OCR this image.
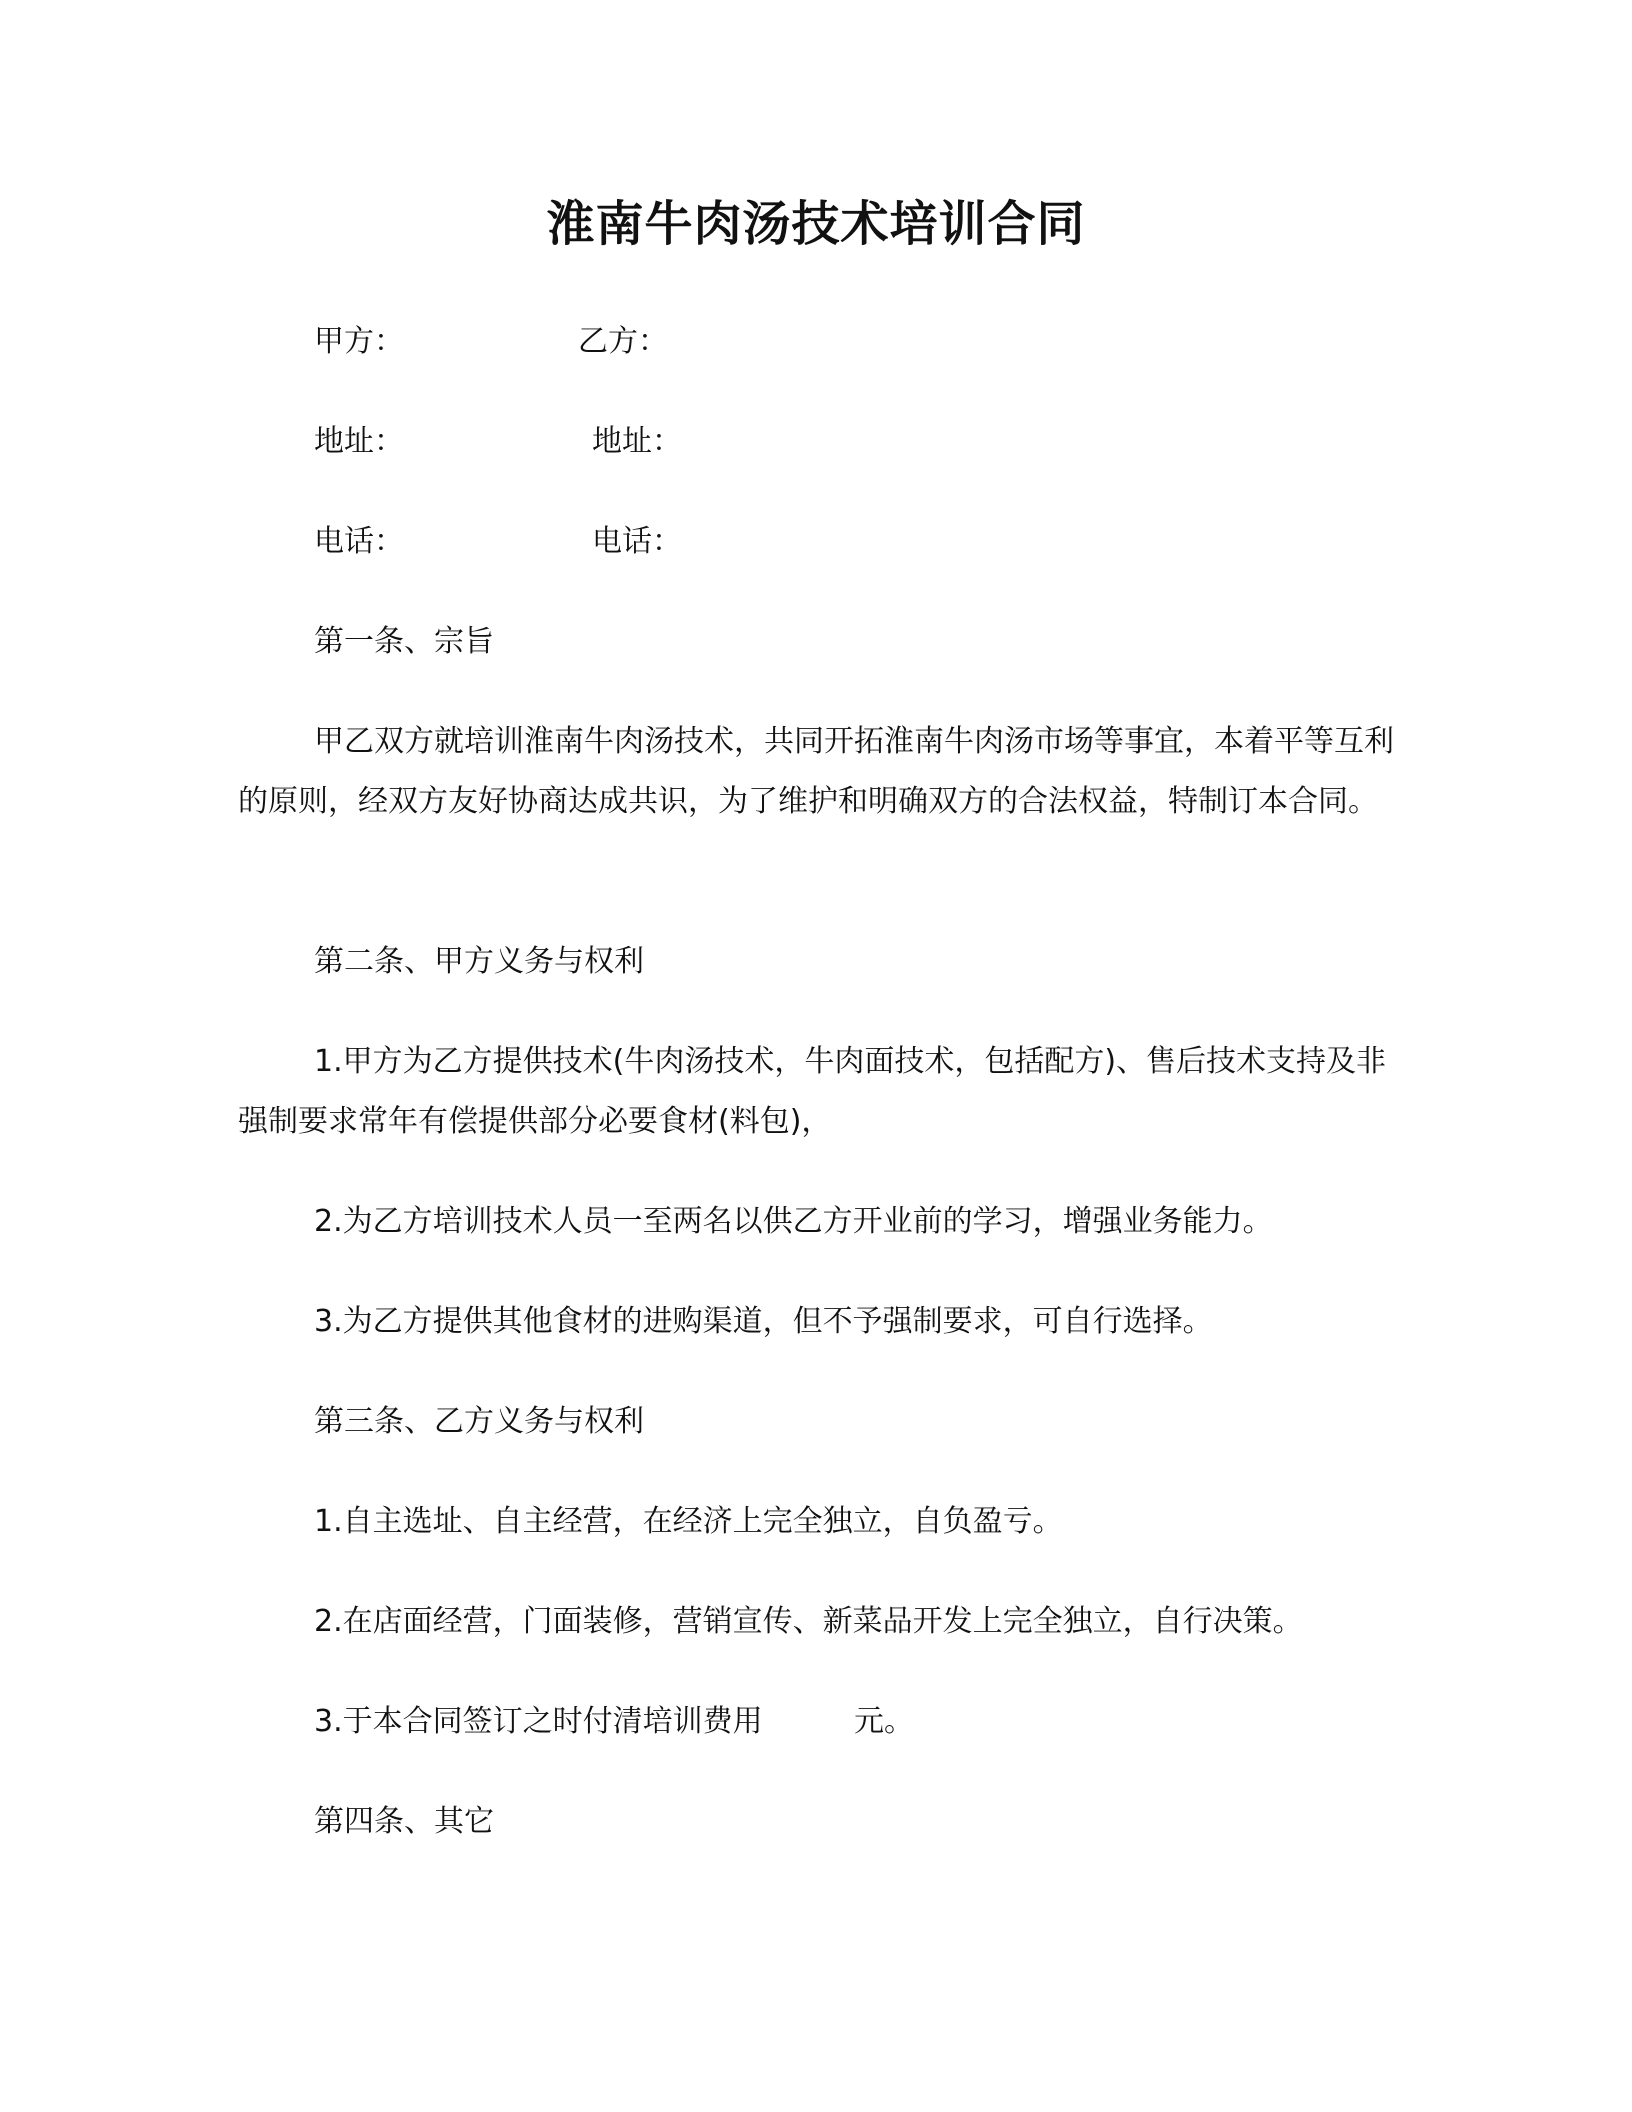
淮南牛肉汤技术培训合同
甲方：	乙方：
地址：	地址：
电话：	电话：
第一条、宗旨

甲乙双方就培训淮南牛肉汤技术，共同开拓淮南牛肉汤市场等事宜，本着平等互利的原则，经双方友好协商达成共识，为了维护和明确双方的合法权益，特制订本合同。

第二条、甲方义务与权利

1.甲方为乙方提供技术(牛肉汤技术，牛肉面技术，包括配方)、售后技术支持及非强制要求常年有偿提供部分必要食材(料包)，

2.为乙方培训技术人员一至两名以供乙方开业前的学习，增强业务能力。
3.为乙方提供其他食材的进购渠道，但不予强制要求，可自行选择。
第三条、乙方义务与权利
1.自主选址、自主经营，在经济上完全独立，自负盈亏。
2.在店面经营，门面装修，营销宣传、新菜品开发上完全独立，自行决策。
3.于本合同签订之时付清培训费用	元。
第四条、其它
